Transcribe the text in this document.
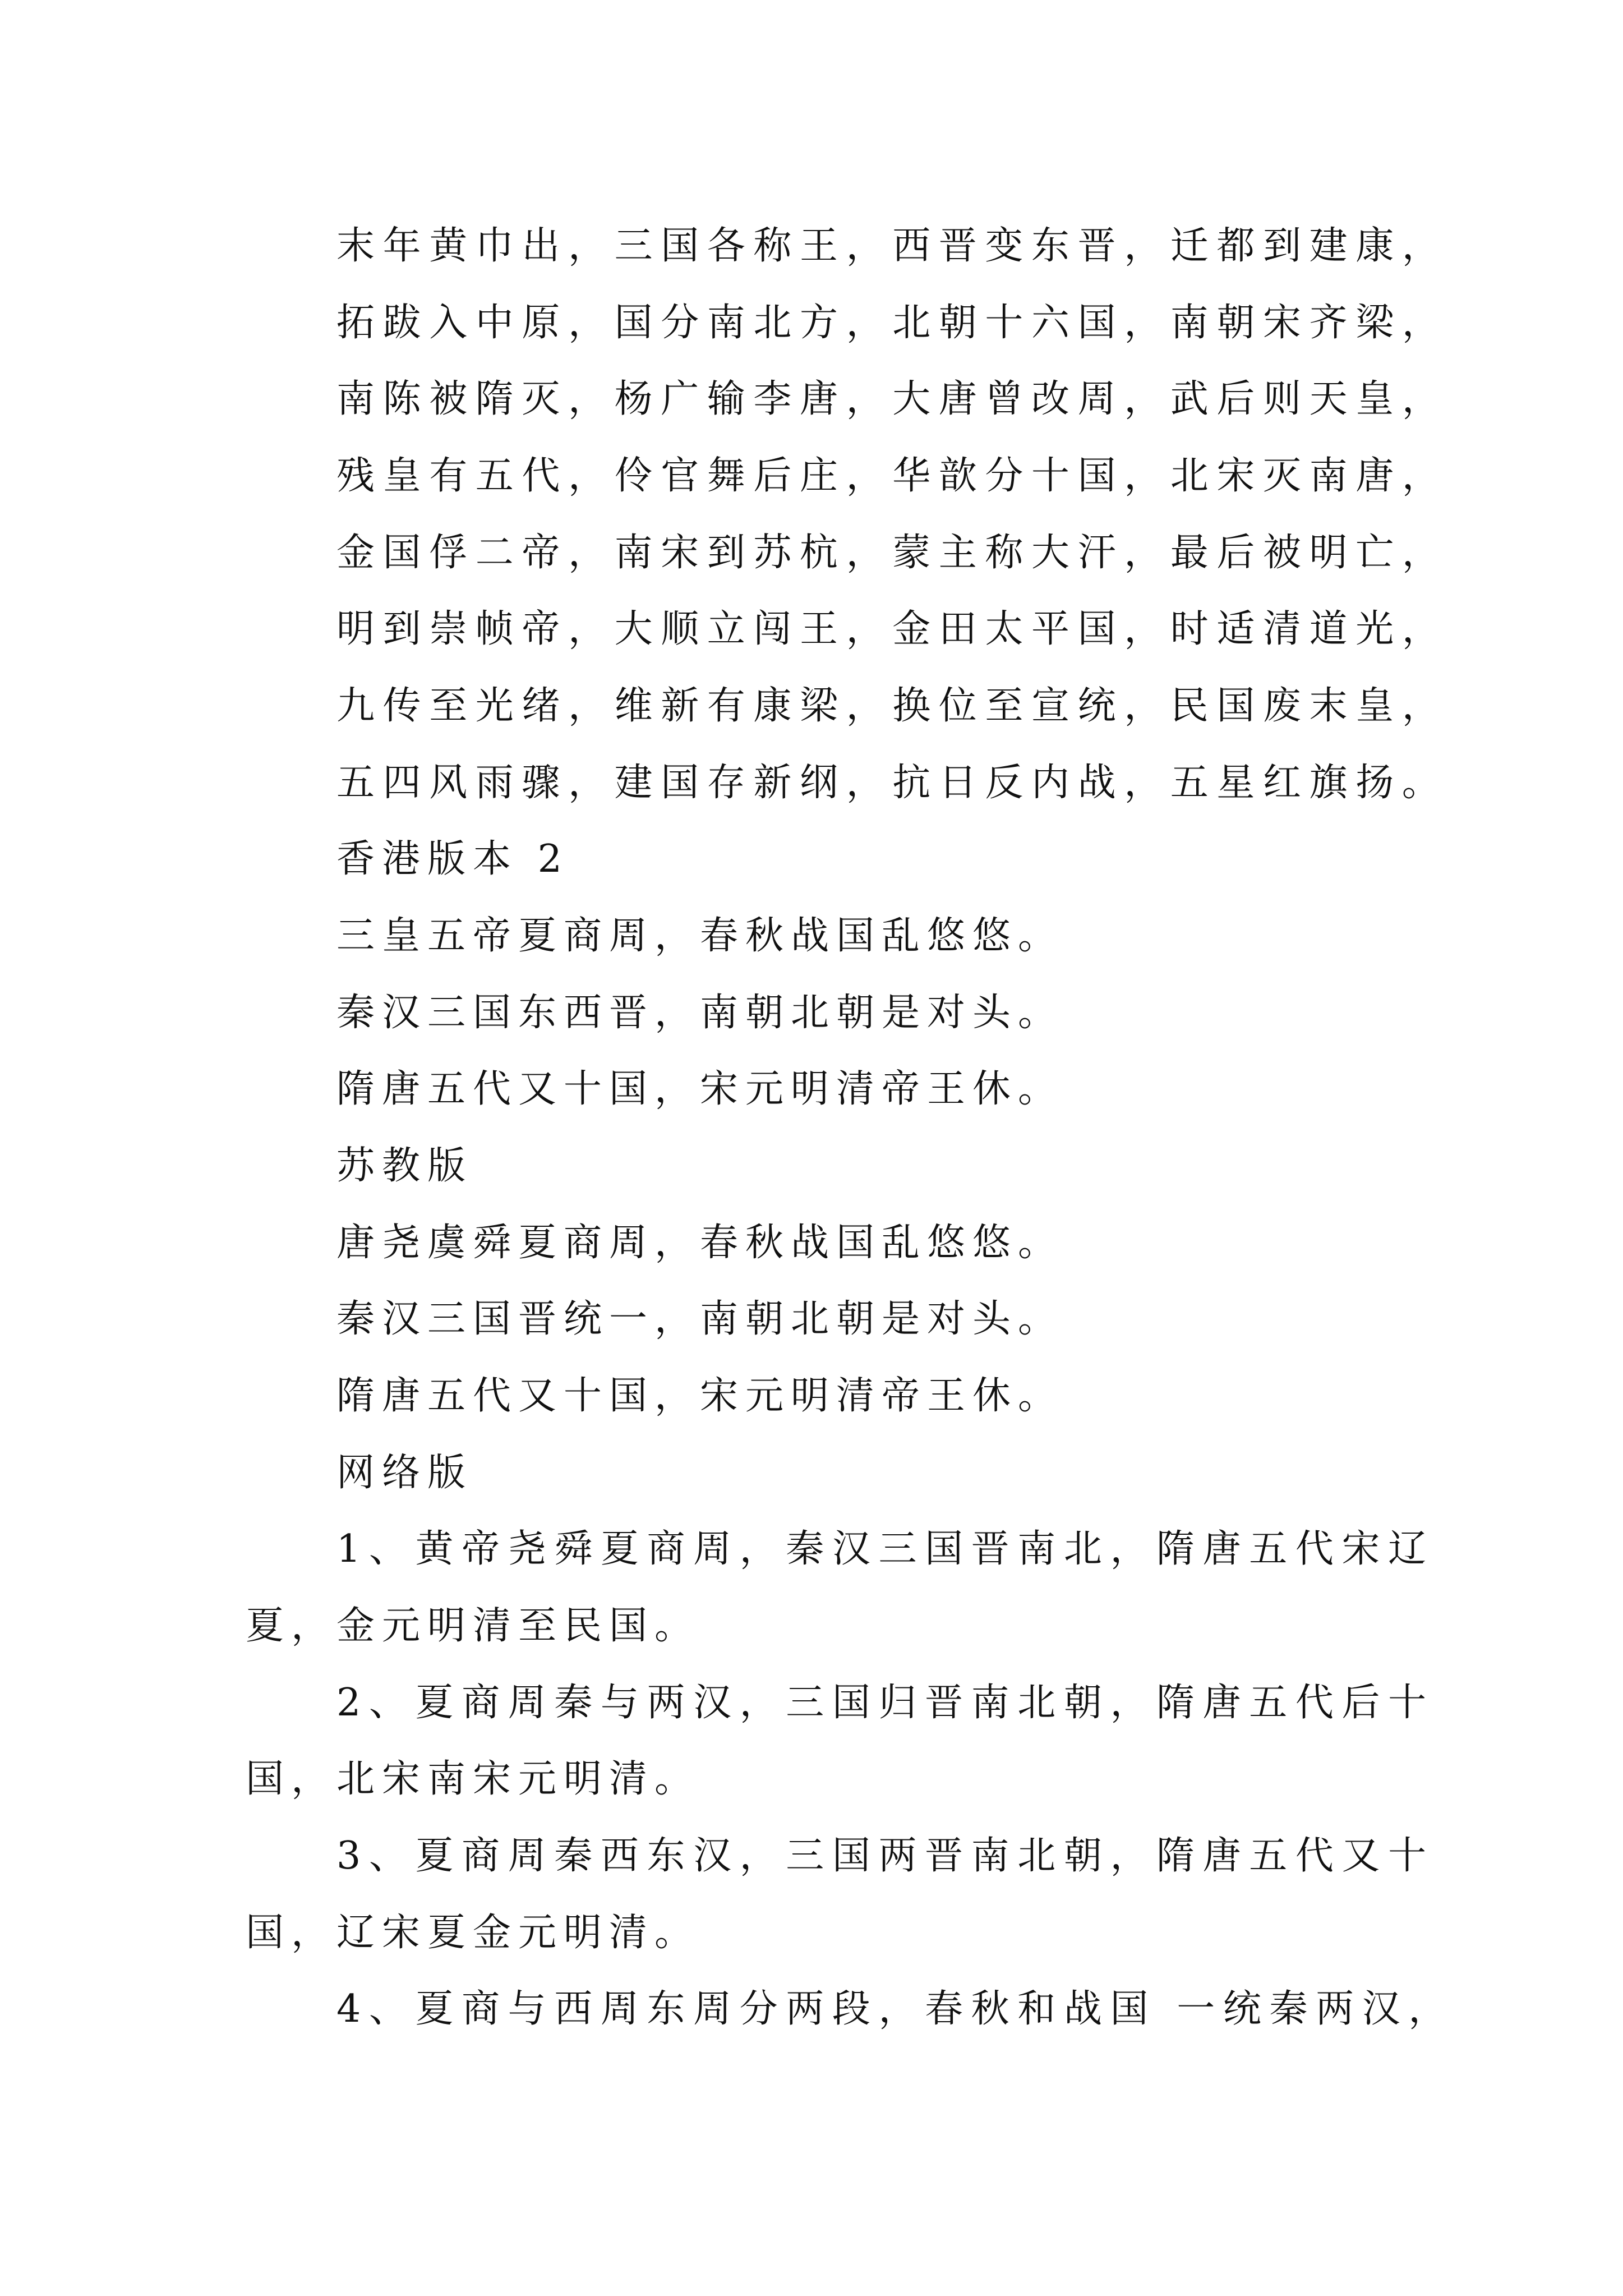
末年黄巾出，三国各称王，西晋变东晋，迁都到建康，
拓跋入中原，国分南北方，北朝十六国，南朝宋齐梁，
南陈被隋灭，杨广输李唐，大唐曾改周，武后则天皇，
残皇有五代，伶官舞后庄，华歆分十国，北宋灭南唐，
金国俘二帝，南宋到苏杭，蒙主称大汗，最后被明亡，
明到崇帧帝，大顺立闯王，金田太平国，时适清道光，
九传至光绪，维新有康梁，换位至宣统，民国废末皇，
五四风雨骤，建国存新纲，抗日反内战，五星红旗扬。
香港版本 2
三皇五帝夏商周，春秋战国乱悠悠。
秦汉三国东西晋，南朝北朝是对头。
隋唐五代又十国，宋元明清帝王休。
苏教版
唐尧虞舜夏商周，春秋战国乱悠悠。
秦汉三国晋统一，南朝北朝是对头。
隋唐五代又十国，宋元明清帝王休。
网络版
1、黄帝尧舜夏商周，秦汉三国晋南北，隋唐五代宋辽
夏，金元明清至民国。
2、夏商周秦与两汉，三国归晋南北朝，隋唐五代后十
国，北宋南宋元明清。
3、夏商周秦西东汉，三国两晋南北朝，隋唐五代又十
国，辽宋夏金元明清。
4、夏商与西周东周分两段，春秋和战国 一统秦两汉，
